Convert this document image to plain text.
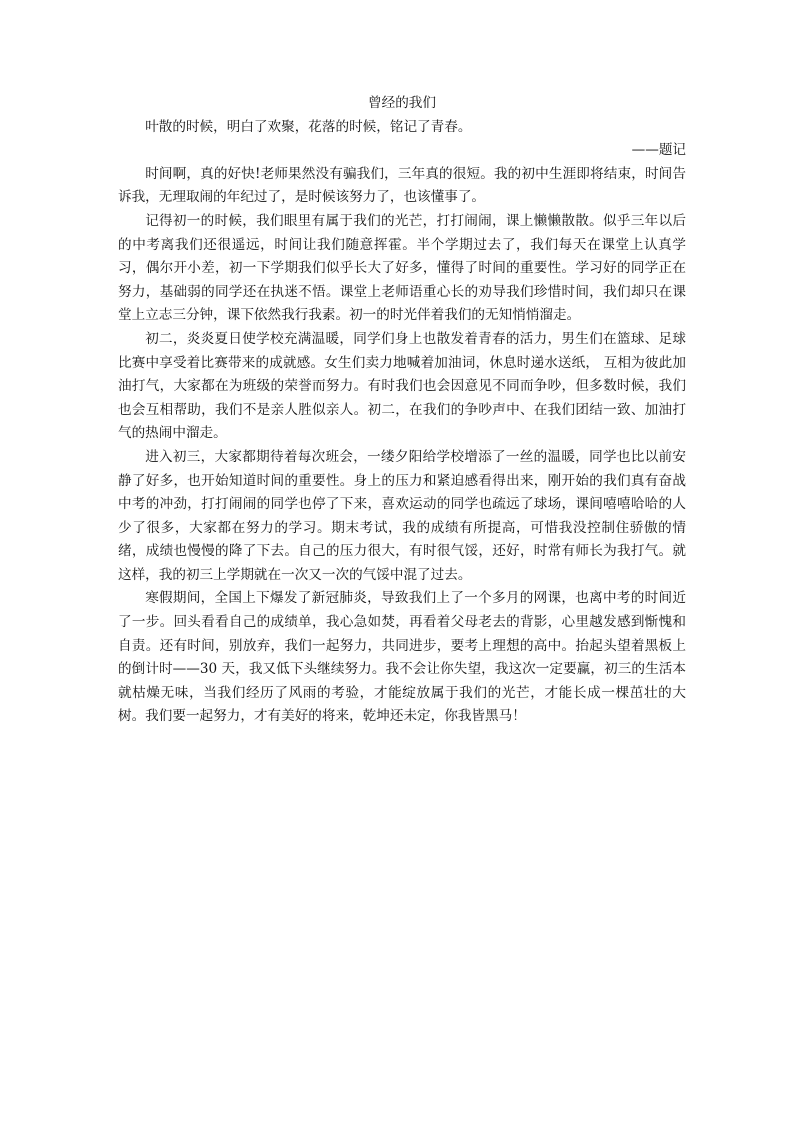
曾经的我们

叶散的时候，明白了欢聚，花落的时候，铭记了青春。

——题记

时间啊，真的好快!老师果然没有骗我们，三年真的很短。我的初中生涯即将结束，时间告诉我，无理取闹的年纪过了，是时候该努力了，也该懂事了。

记得初一的时候，我们眼里有属于我们的光芒，打打闹闹，课上懒懒散散。似乎三年以后的中考离我们还很遥远，时间让我们随意挥霍。半个学期过去了，我们每天在课堂上认真学习，偶尔开小差，初一下学期我们似乎长大了好多，懂得了时间的重要性。学习好的同学正在努力，基础弱的同学还在执迷不悟。课堂上老师语重心长的劝导我们珍惜时间，我们却只在课堂上立志三分钟，课下依然我行我素。初一的时光伴着我们的无知悄悄溜走。

初二，炎炎夏日使学校充满温暖，同学们身上也散发着青春的活力，男生们在篮球、足球比赛中享受着比赛带来的成就感。女生们卖力地喊着加油词，休息时递水送纸， 互相为彼此加油打气，大家都在为班级的荣誉而努力。有时我们也会因意见不同而争吵，但多数时候，我们也会互相帮助，我们不是亲人胜似亲人。初二，在我们的争吵声中、在我们团结一致、加油打气的热闹中溜走。

进入初三，大家都期待着每次班会，一缕夕阳给学校增添了一丝的温暖，同学也比以前安静了好多，也开始知道时间的重要性。身上的压力和紧迫感看得出来，刚开始的我们真有奋战中考的冲劲，打打闹闹的同学也停了下来，喜欢运动的同学也疏远了球场，课间嘻嘻哈哈的人少了很多，大家都在努力的学习。期末考试，我的成绩有所提高，可惜我没控制住骄傲的情绪，成绩也慢慢的降了下去。自己的压力很大，有时很气馁，还好，时常有师长为我打气。就这样，我的初三上学期就在一次又一次的气馁中混了过去。

寒假期间，全国上下爆发了新冠肺炎，导致我们上了一个多月的网课，也离中考的时间近了一步。回头看看自己的成绩单，我心急如焚，再看着父母老去的背影，心里越发感到惭愧和自责。还有时间，别放弃，我们一起努力，共同进步，要考上理想的高中。抬起头望着黑板上的倒计时——30 天，我又低下头继续努力。我不会让你失望，我这次一定要赢，初三的生活本就枯燥无味，当我们经历了风雨的考验，才能绽放属于我们的光芒，才能长成一棵茁壮的大树。我们要一起努力，才有美好的将来，乾坤还未定，你我皆黑马！
